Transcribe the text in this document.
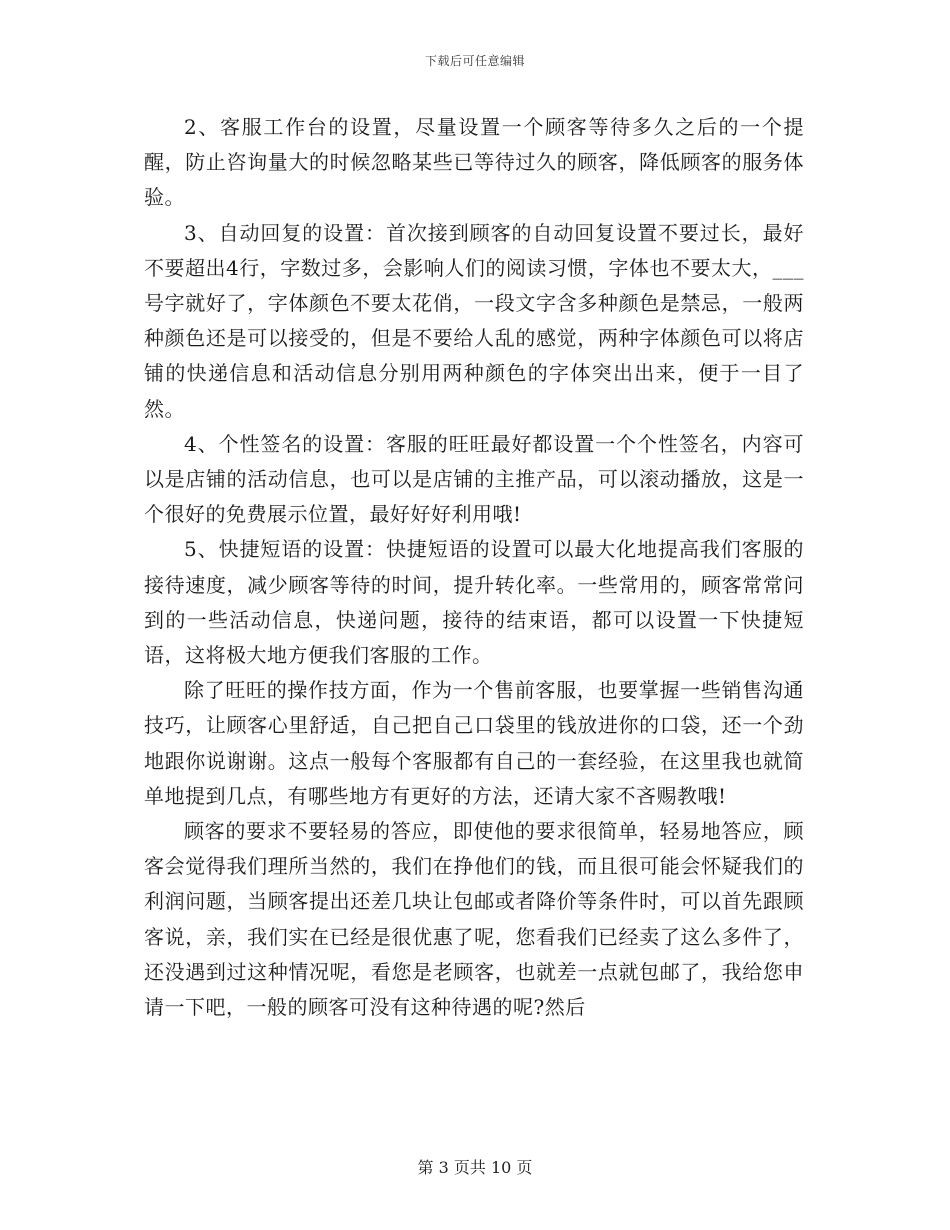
下载后可任意编辑

2、客服工作台的设置，尽量设置一个顾客等待多久之后的一个提醒，防止咨询量大的时候忽略某些已等待过久的顾客，降低顾客的服务体验。

3、自动回复的设置：首次接到顾客的自动回复设置不要过长，最好不要超出4行，字数过多，会影响人们的阅读习惯，字体也不要太大，___号字就好了，字体颜色不要太花俏，一段文字含多种颜色是禁忌，一般两种颜色还是可以接受的，但是不要给人乱的感觉，两种字体颜色可以将店铺的快递信息和活动信息分别用两种颜色的字体突出出来，便于一目了然。

4、个性签名的设置：客服的旺旺最好都设置一个个性签名，内容可以是店铺的活动信息，也可以是店铺的主推产品，可以滚动播放，这是一个很好的免费展示位置，最好好好利用哦!

5、快捷短语的设置：快捷短语的设置可以最大化地提高我们客服的接待速度，减少顾客等待的时间，提升转化率。一些常用的，顾客常常问到的一些活动信息，快递问题，接待的结束语，都可以设置一下快捷短语，这将极大地方便我们客服的工作。

除了旺旺的操作技方面，作为一个售前客服，也要掌握一些销售沟通技巧，让顾客心里舒适，自己把自己口袋里的钱放进你的口袋，还一个劲地跟你说谢谢。这点一般每个客服都有自己的一套经验，在这里我也就简单地提到几点，有哪些地方有更好的方法，还请大家不吝赐教哦!

顾客的要求不要轻易的答应，即使他的要求很简单，轻易地答应，顾客会觉得我们理所当然的，我们在挣他们的钱，而且很可能会怀疑我们的利润问题，当顾客提出还差几块让包邮或者降价等条件时，可以首先跟顾客说，亲，我们实在已经是很优惠了呢，您看我们已经卖了这么多件了，还没遇到过这种情况呢，看您是老顾客，也就差一点就包邮了，我给您申请一下吧，一般的顾客可没有这种待遇的呢?然后

第 3 页共 10 页
